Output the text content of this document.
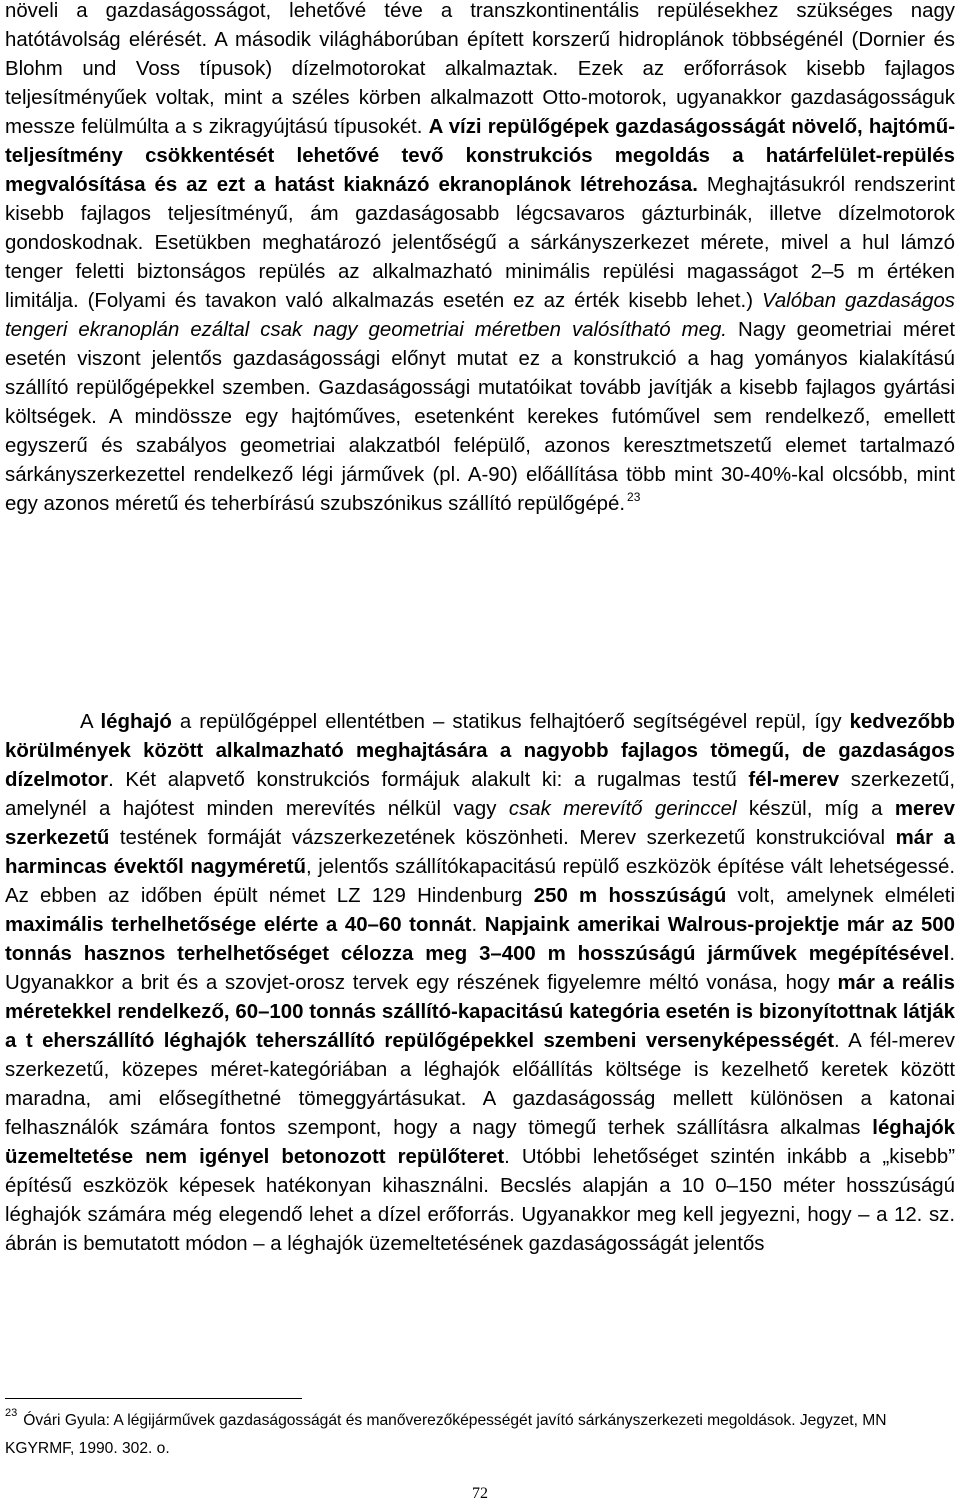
növeli a gazdaságosságot, lehetővé téve a transzkontinentális repülésekhez szükséges nagy hatótávolság elérését. A második világháborúban épített korszerű hidroplánok többségénél (Dornier és Blohm und Voss típusok) dízelmotorokat alkalmaztak. Ezek az erőforrások kisebb fajlagos teljesítményűek voltak, mint a széles körben alkalmazott Otto-motorok, ugyanakkor gazdaságosságuk messze felülmúlta a s zikragyújtású típusokét. A vízi repülőgépek gazdaságosságát növelő, hajtómű-teljesítmény csökkentését lehetővé tevő konstrukciós megoldás a határfelület-repülés megvalósítása és az ezt a hatást kiaknázó ekranoplánok létrehozása. Meghajtásukról rendszerint kisebb fajlagos teljesítményű, ám gazdaságosabb légcsavaros gázturbinák, illetve dízelmotorok gondoskodnak. Esetükben meghatározó jelentőségű a sárkányszerkezet mérete, mivel a hul lámzó tenger feletti biztonságos repülés az alkalmazható minimális repülési magasságot 2–5 m értéken limitálja. (Folyami és tavakon való alkalmazás esetén ez az érték kisebb lehet.) Valóban gazdaságos tengeri ekranoplán ezáltal csak nagy geometriai méretben valósítható meg. Nagy geometriai méret esetén viszont jelentős gazdaságossági előnyt mutat ez a konstrukció a hag yományos kialakítású szállító repülőgépekkel szemben. Gazdaságossági mutatóikat tovább javítják a kisebb fajlagos gyártási költségek. A mindössze egy hajtóműves, esetenként kerekes futóművel sem rendelkező, emellett egyszerű és szabályos geometriai alakzatból felépülő, azonos keresztmetszetű elemet tartalmazó sárkányszerkezettel rendelkező légi járművek (pl. A-90) előállítása több mint 30-40%-kal olcsóbb, mint egy azonos méretű és teherbírású szubszónikus szállító repülőgépé. $^{23}$

A léghajó a repülőgéppel ellentétben – statikus felhajtóerő segítségével repül, így kedvezőbb körülmények között alkalmazható meghajtására a nagyobb fajlagos tömegű, de gazdaságos dízelmotor. Két alapvető konstrukciós formájuk alakult ki: a rugalmas testű fél-merev szerkezetű, amelynél a hajótest minden merevítés nélkül vagy csak merevítő gerinccel készül, míg a merev szerkezetű testének formáját vázszerkezetének köszönheti. Merev szerkezetű konstrukcióval már a harmincas évektől nagyméretű, jelentős szállítókapacitású repülő eszközök építése vált lehetségessé. Az ebben az időben épült német LZ 129 Hindenburg 250 m hosszúságú volt, amelynek elméleti maximális terhelhetősége elérte a 40–60 tonnát. Napjaink amerikai Walrous-projektje már az 500 tonnás hasznos terhelhetőséget célozza meg 3–400 m hosszúságú járművek megépítésével. Ugyanakkor a brit és a szovjet-orosz tervek egy részének figyelemre méltó vonása, hogy már a reális méretekkel rendelkező, 60–100 tonnás szállító-kapacitású kategória esetén is bizonyítottnak látják a t eherszállító léghajók teherszállító repülőgépekkel szembeni versenyképességét. A fél-merev szerkezetű, közepes méret-kategóriában a léghajók előállítás költsége is kezelhető keretek között maradna, ami elősegíthetné tömeggyártásukat. A gazdaságosság mellett különösen a katonai felhasználók számára fontos szempont, hogy a nagy tömegű terhek szállításra alkalmas léghajók üzemeltetése nem igényel betonozott repülőteret. Utóbbi lehetőséget szintén inkább a „kisebb” építésű eszközök képesek hatékonyan kihasználni. Becslés alapján a 10 0–150 méter hosszúságú léghajók számára még elegendő lehet a dízel erőforrás. Ugyanakkor meg kell jegyezni, hogy – a 12. sz. ábrán is bemutatott módon – a léghajók üzemeltetésének gazdaságosságát jelentős

$^{23}$ Óvári Gyula: A légijárművek gazdaságosságát és manőverezőképességét javító sárkányszerkezeti megoldások. Jegyzet, MN KGYRMF, 1990. 302. o.

72
